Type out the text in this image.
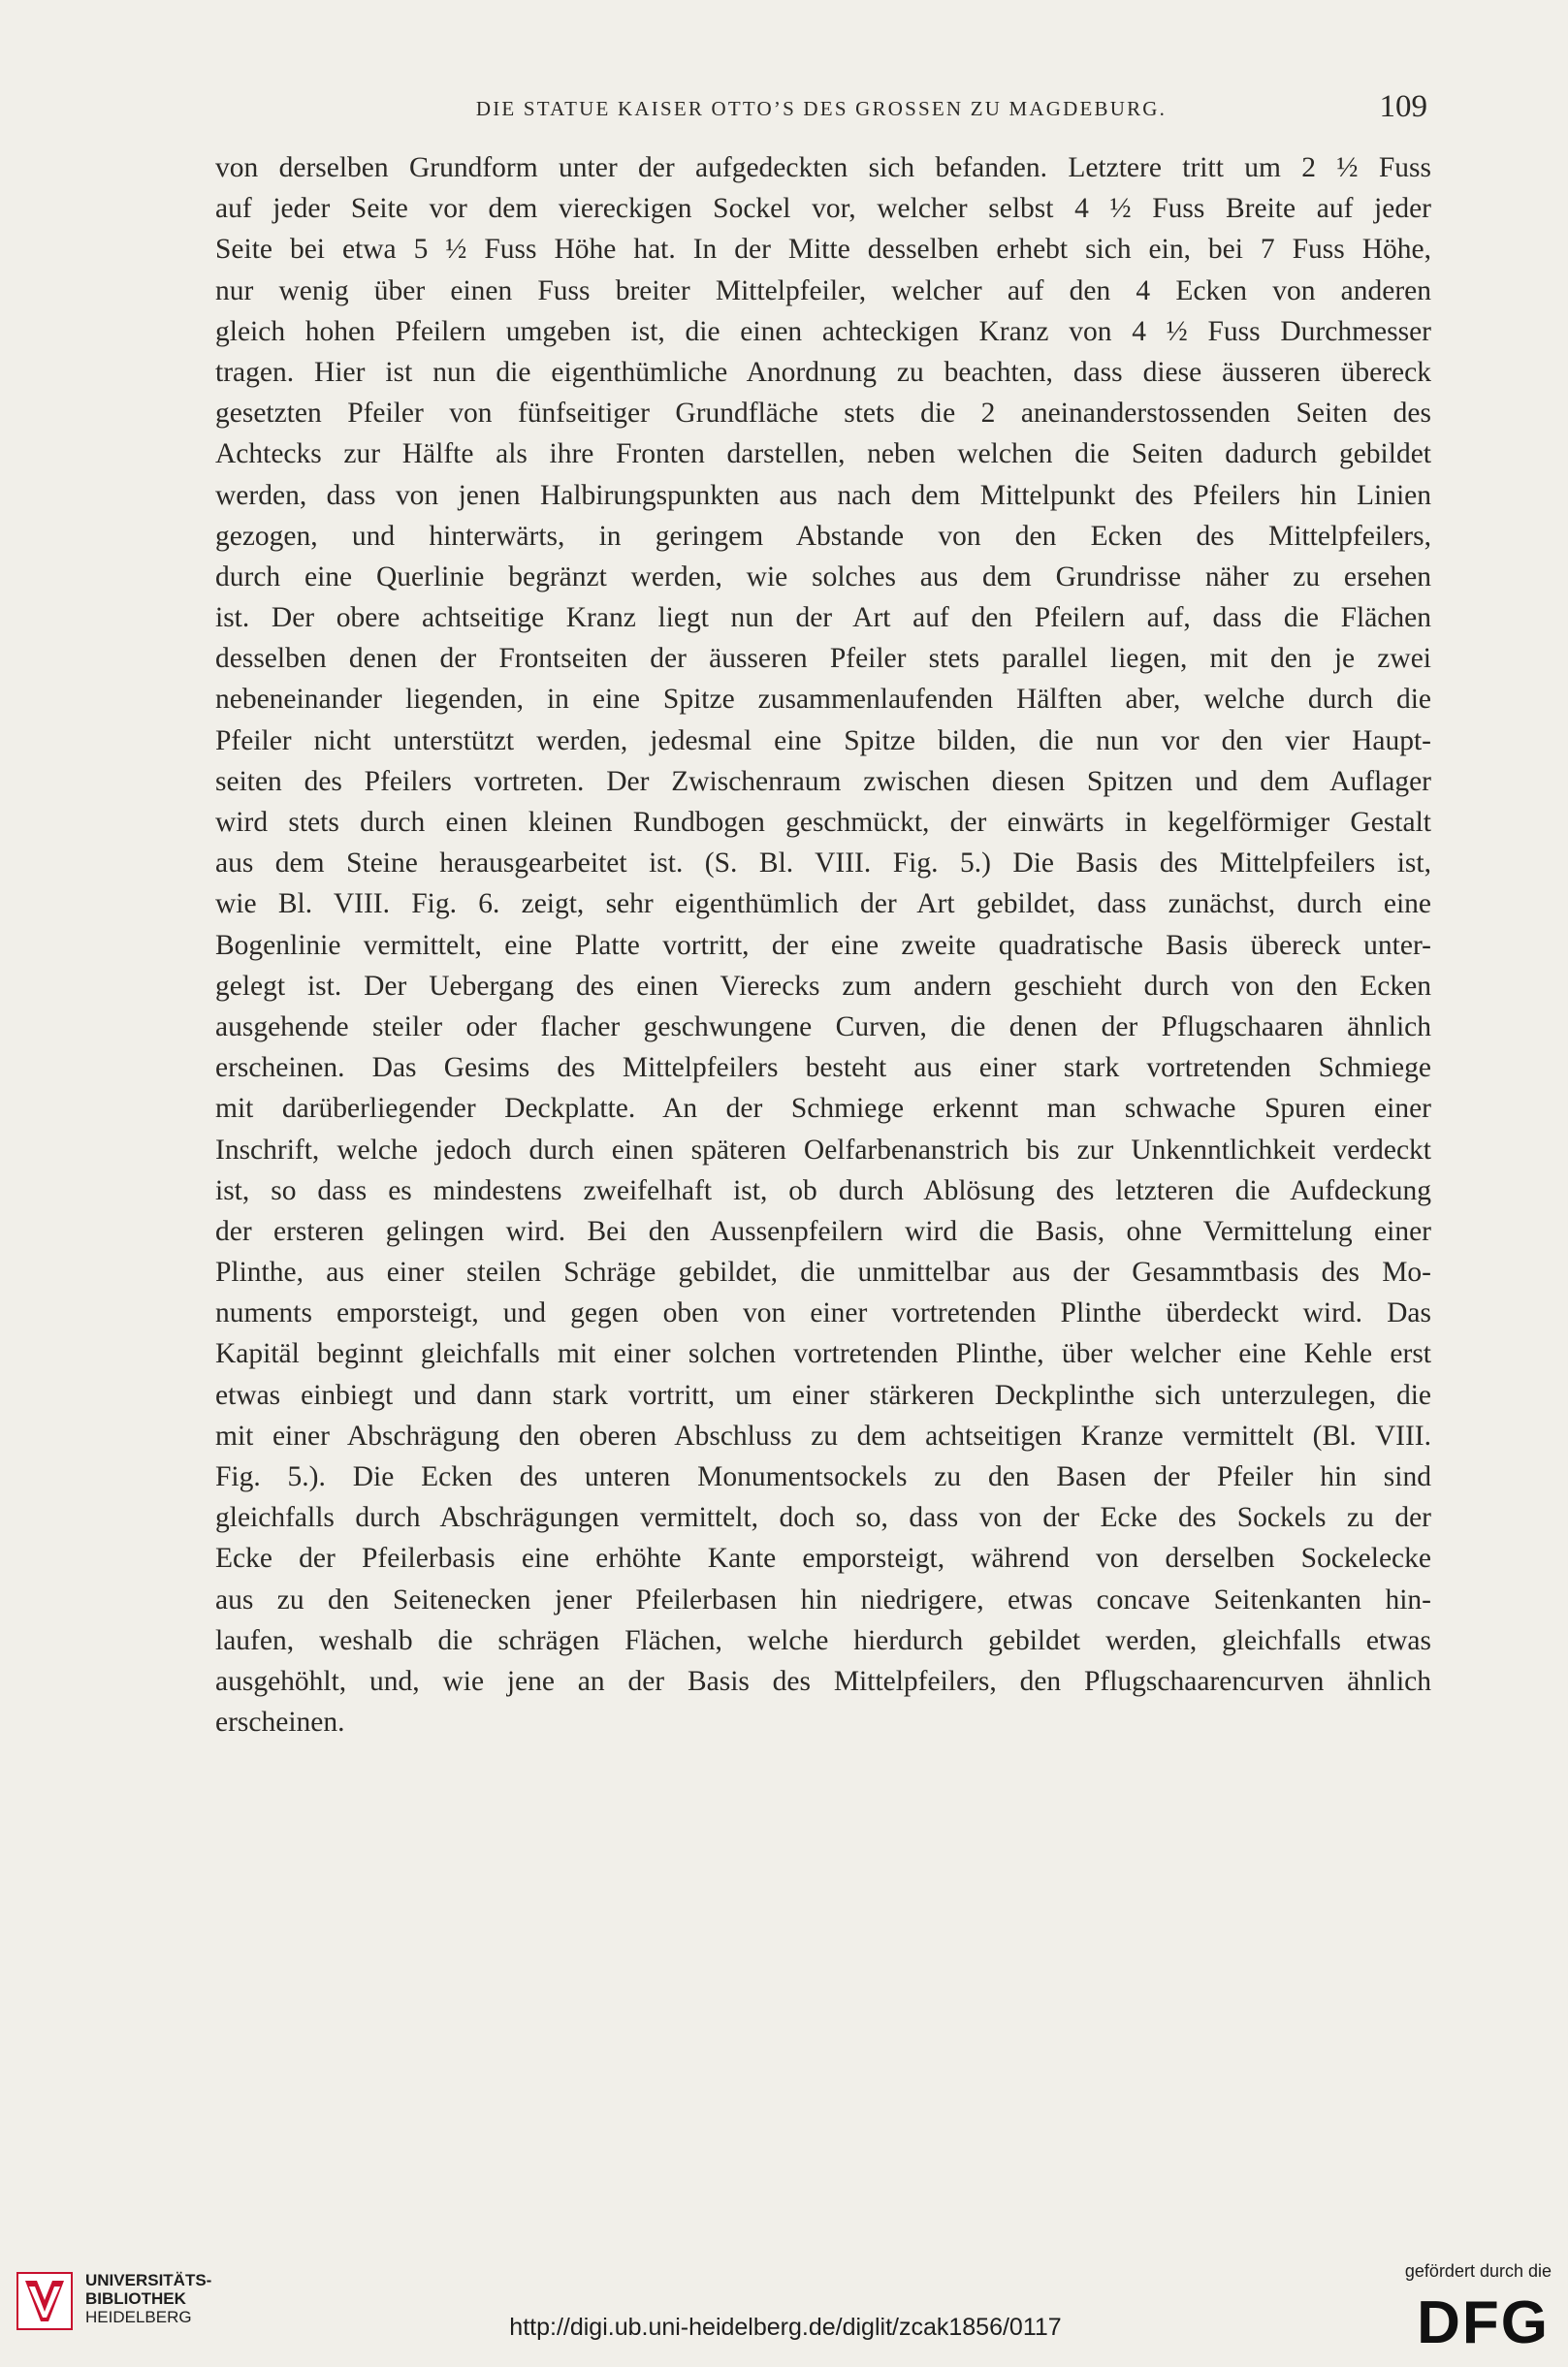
DIE STATUE KAISER OTTO’S DES GROSSEN ZU MAGDEBURG.	109
von derselben Grundform unter der aufgedeckten sich befanden. Letztere tritt um 2 ½ Fuss
auf jeder Seite vor dem viereckigen Sockel vor, welcher selbst 4 ½ Fuss Breite auf jeder
Seite bei etwa 5 ½ Fuss Höhe hat. In der Mitte desselben erhebt sich ein, bei 7 Fuss Höhe,
nur wenig über einen Fuss breiter Mittelpfeiler, welcher auf den 4 Ecken von anderen
gleich hohen Pfeilern umgeben ist, die einen achteckigen Kranz von 4 ½ Fuss Durchmesser
tragen. Hier ist nun die eigenthümliche Anordnung zu beachten, dass diese äusseren übereck
gesetzten Pfeiler von fünfseitiger Grundfläche stets die 2 aneinanderstossenden Seiten des
Achtecks zur Hälfte als ihre Fronten darstellen, neben welchen die Seiten dadurch gebildet
werden, dass von jenen Halbirungspunkten aus nach dem Mittelpunkt des Pfeilers hin Linien
gezogen, und hinterwärts, in geringem Abstande von den Ecken des Mittelpfeilers,
durch eine Querlinie begränzt werden, wie solches aus dem Grundrisse näher zu ersehen
ist. Der obere achtseitige Kranz liegt nun der Art auf den Pfeilern auf, dass die Flächen
desselben denen der Frontseiten der äusseren Pfeiler stets parallel liegen, mit den je zwei
nebeneinander liegenden, in eine Spitze zusammenlaufenden Hälften aber, welche durch die
Pfeiler nicht unterstützt werden, jedesmal eine Spitze bilden, die nun vor den vier Haupt-
seiten des Pfeilers vortreten. Der Zwischenraum zwischen diesen Spitzen und dem Auflager
wird stets durch einen kleinen Rundbogen geschmückt, der einwärts in kegelförmiger Gestalt
aus dem Steine herausgearbeitet ist. (S. Bl. VIII. Fig. 5.) Die Basis des Mittelpfeilers ist,
wie Bl. VIII. Fig. 6. zeigt, sehr eigenthümlich der Art gebildet, dass zunächst, durch eine
Bogenlinie vermittelt, eine Platte vortritt, der eine zweite quadratische Basis übereck unter-
gelegt ist. Der Uebergang des einen Vierecks zum andern geschieht durch von den Ecken
ausgehende steiler oder flacher geschwungene Curven, die denen der Pflugschaaren ähnlich
erscheinen. Das Gesims des Mittelpfeilers besteht aus einer stark vortretenden Schmiege
mit darüberliegender Deckplatte. An der Schmiege erkennt man schwache Spuren einer
Inschrift, welche jedoch durch einen späteren Oelfarbenanstrich bis zur Unkenntlichkeit verdeckt
ist, so dass es mindestens zweifelhaft ist, ob durch Ablösung des letzteren die Aufdeckung
der ersteren gelingen wird. Bei den Aussenpfeilern wird die Basis, ohne Vermittelung einer
Plinthe, aus einer steilen Schräge gebildet, die unmittelbar aus der Gesammtbasis des Mo-
numents emporsteigt, und gegen oben von einer vortretenden Plinthe überdeckt wird. Das
Kapitäl beginnt gleichfalls mit einer solchen vortretenden Plinthe, über welcher eine Kehle erst
etwas einbiegt und dann stark vortritt, um einer stärkeren Deckplinthe sich unterzulegen, die
mit einer Abschrägung den oberen Abschluss zu dem achtseitigen Kranze vermittelt (Bl. VIII.
Fig. 5.). Die Ecken des unteren Monumentsockels zu den Basen der Pfeiler hin sind
gleichfalls durch Abschrägungen vermittelt, doch so, dass von der Ecke des Sockels zu der
Ecke der Pfeilerbasis eine erhöhte Kante emporsteigt, während von derselben Sockelecke
aus zu den Seitenecken jener Pfeilerbasen hin niedrigere, etwas concave Seitenkanten hin-
laufen, weshalb die schrägen Flächen, welche hierdurch gebildet werden, gleichfalls etwas
ausgehöhlt, und, wie jene an der Basis des Mittelpfeilers, den Pflugschaarencurven ähnlich
erscheinen.
UNIVERSITÄTS-
BIBLIOTHEK
HEIDELBERG	http://digi.ub.uni-heidelberg.de/diglit/zcak1856/0117
gefördert durch die
DFG
